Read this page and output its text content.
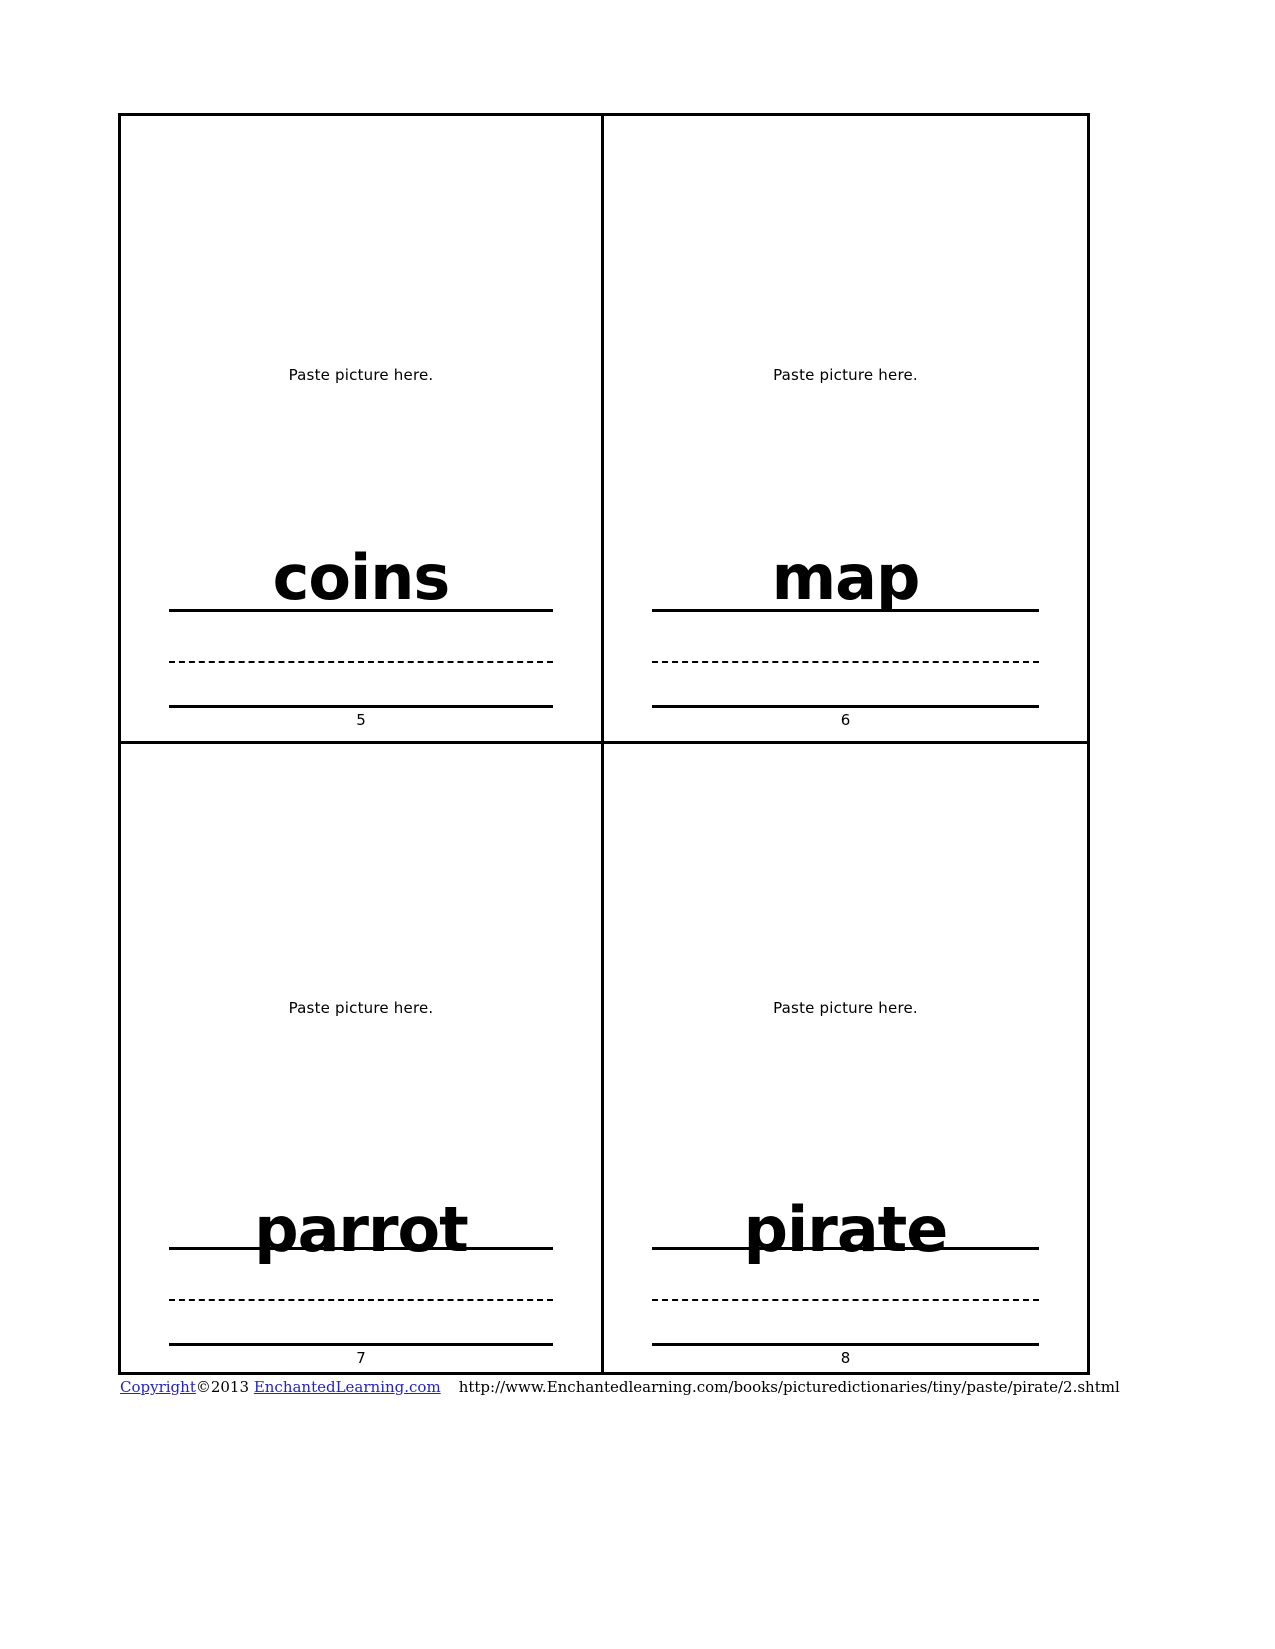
Paste picture here.
coins
5
Paste picture here.
map
6
Paste picture here.
parrot
7
Paste picture here.
pirate
8
Copyright©2013 EnchantedLearning.com http://www.Enchantedlearning.com/books/picturedictionaries/tiny/paste/pirate/2.shtml
